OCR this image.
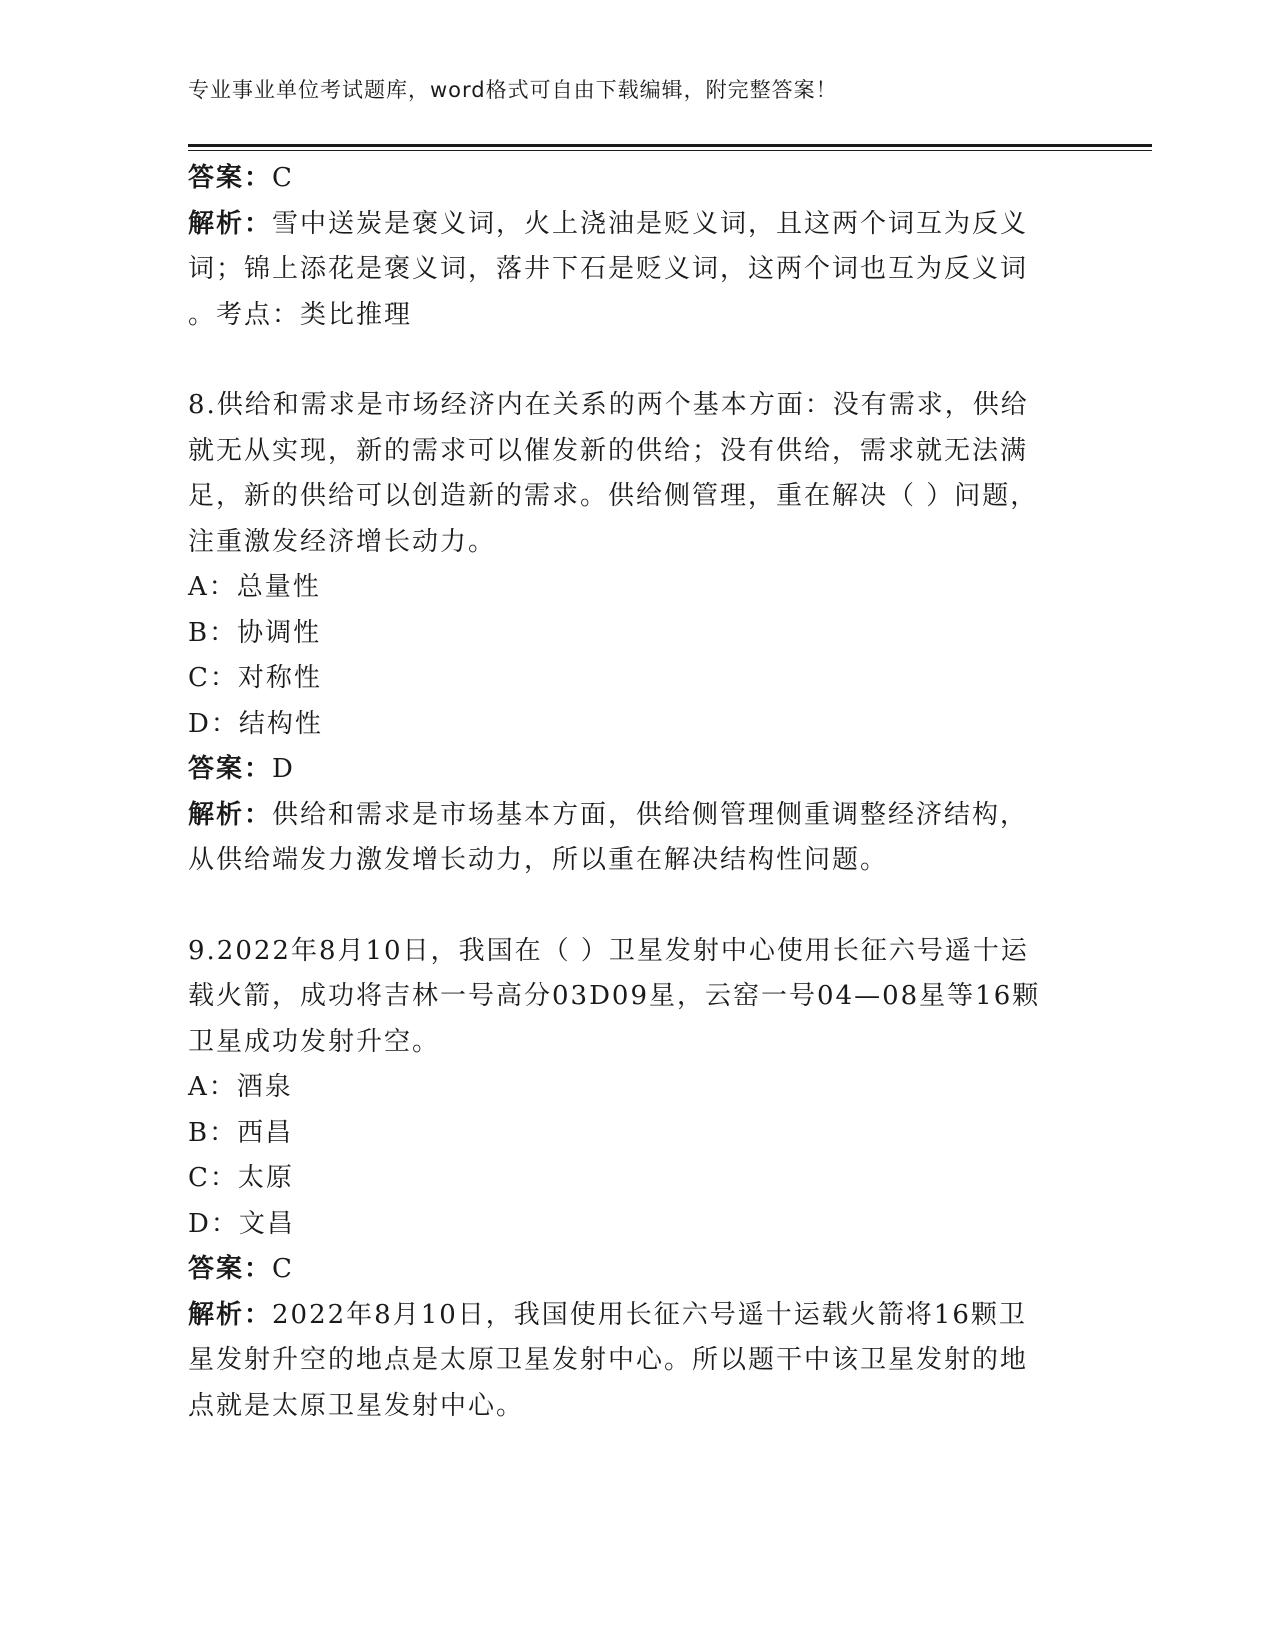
专业事业单位考试题库，word格式可自由下载编辑，附完整答案！
答案：C
解析：雪中送炭是褒义词，火上浇油是贬义词，且这两个词互为反义
词；锦上添花是褒义词，落井下石是贬义词，这两个词也互为反义词
。考点：类比推理
8.供给和需求是市场经济内在关系的两个基本方面：没有需求，供给
就无从实现，新的需求可以催发新的供给；没有供给，需求就无法满
足，新的供给可以创造新的需求。供给侧管理，重在解决（ ）问题，
注重激发经济增长动力。
A：总量性
B：协调性
C：对称性
D：结构性
答案：D
解析：供给和需求是市场基本方面，供给侧管理侧重调整经济结构，
从供给端发力激发增长动力，所以重在解决结构性问题。
9.2022年8月10日，我国在（ ）卫星发射中心使用长征六号遥十运
载火箭，成功将吉林一号高分03D09星，云窑一号04—08星等16颗
卫星成功发射升空。
A：酒泉
B：西昌
C：太原
D：文昌
答案：C
解析：2022年8月10日，我国使用长征六号遥十运载火箭将16颗卫
星发射升空的地点是太原卫星发射中心。所以题干中该卫星发射的地
点就是太原卫星发射中心。
